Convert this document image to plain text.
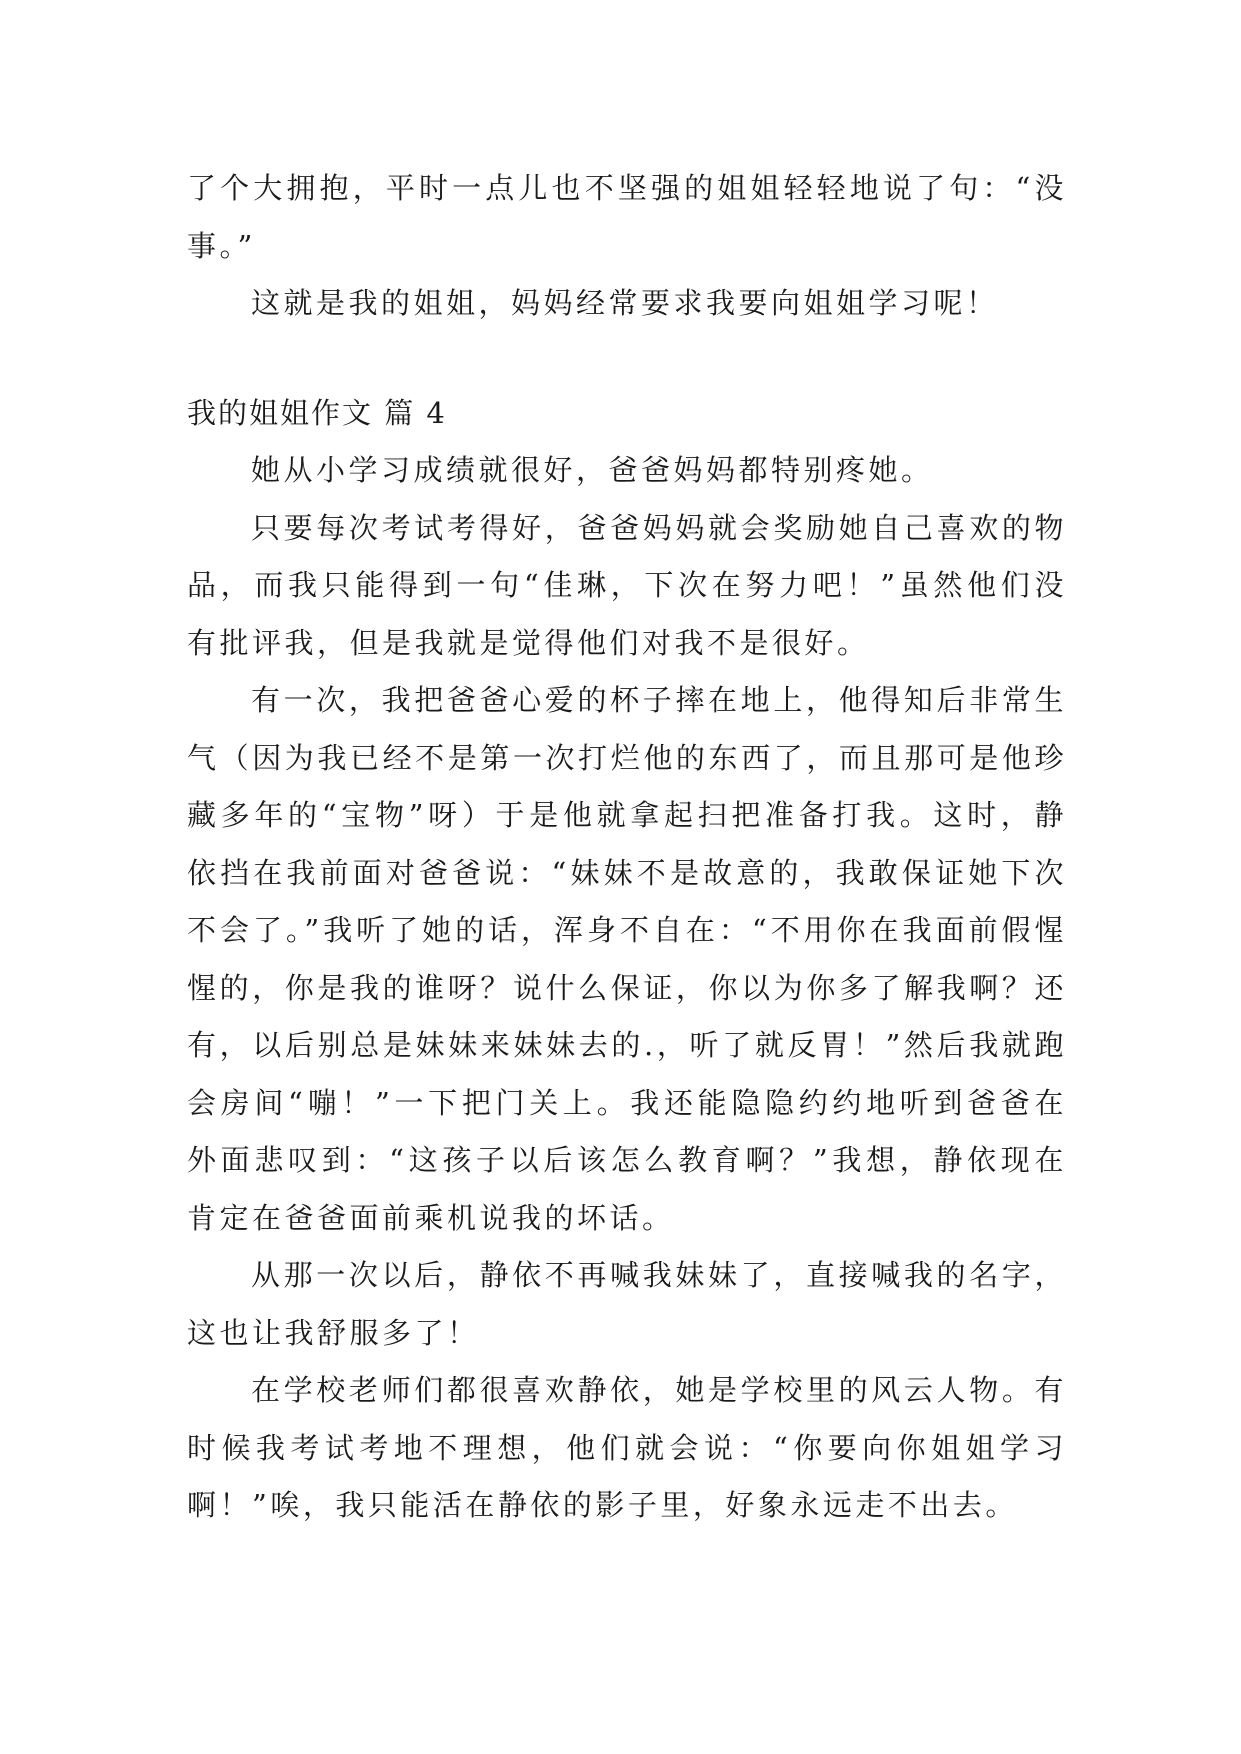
了个大拥抱，平时一点儿也不坚强的姐姐轻轻地说了句：“没事。”

这就是我的姐姐，妈妈经常要求我要向姐姐学习呢！

我的姐姐作文 篇 4

她从小学习成绩就很好，爸爸妈妈都特别疼她。

只要每次考试考得好，爸爸妈妈就会奖励她自己喜欢的物品，而我只能得到一句“佳琳，下次在努力吧！”虽然他们没有批评我，但是我就是觉得他们对我不是很好。

有一次，我把爸爸心爱的杯子摔在地上，他得知后非常生气（因为我已经不是第一次打烂他的东西了，而且那可是他珍藏多年的“宝物”呀）于是他就拿起扫把准备打我。这时，静依挡在我前面对爸爸说：“妹妹不是故意的，我敢保证她下次不会了。”我听了她的话，浑身不自在：“不用你在我面前假惺惺的，你是我的谁呀？说什么保证，你以为你多了解我啊？还有，以后别总是妹妹来妹妹去的.，听了就反胃！”然后我就跑会房间“嘣！”一下把门关上。我还能隐隐约约地听到爸爸在外面悲叹到：“这孩子以后该怎么教育啊？”我想，静依现在肯定在爸爸面前乘机说我的坏话。

从那一次以后，静依不再喊我妹妹了，直接喊我的名字，这也让我舒服多了！

在学校老师们都很喜欢静依，她是学校里的风云人物。有时候我考试考地不理想，他们就会说：“你要向你姐姐学习啊！”唉，我只能活在静依的影子里，好象永远走不出去。
